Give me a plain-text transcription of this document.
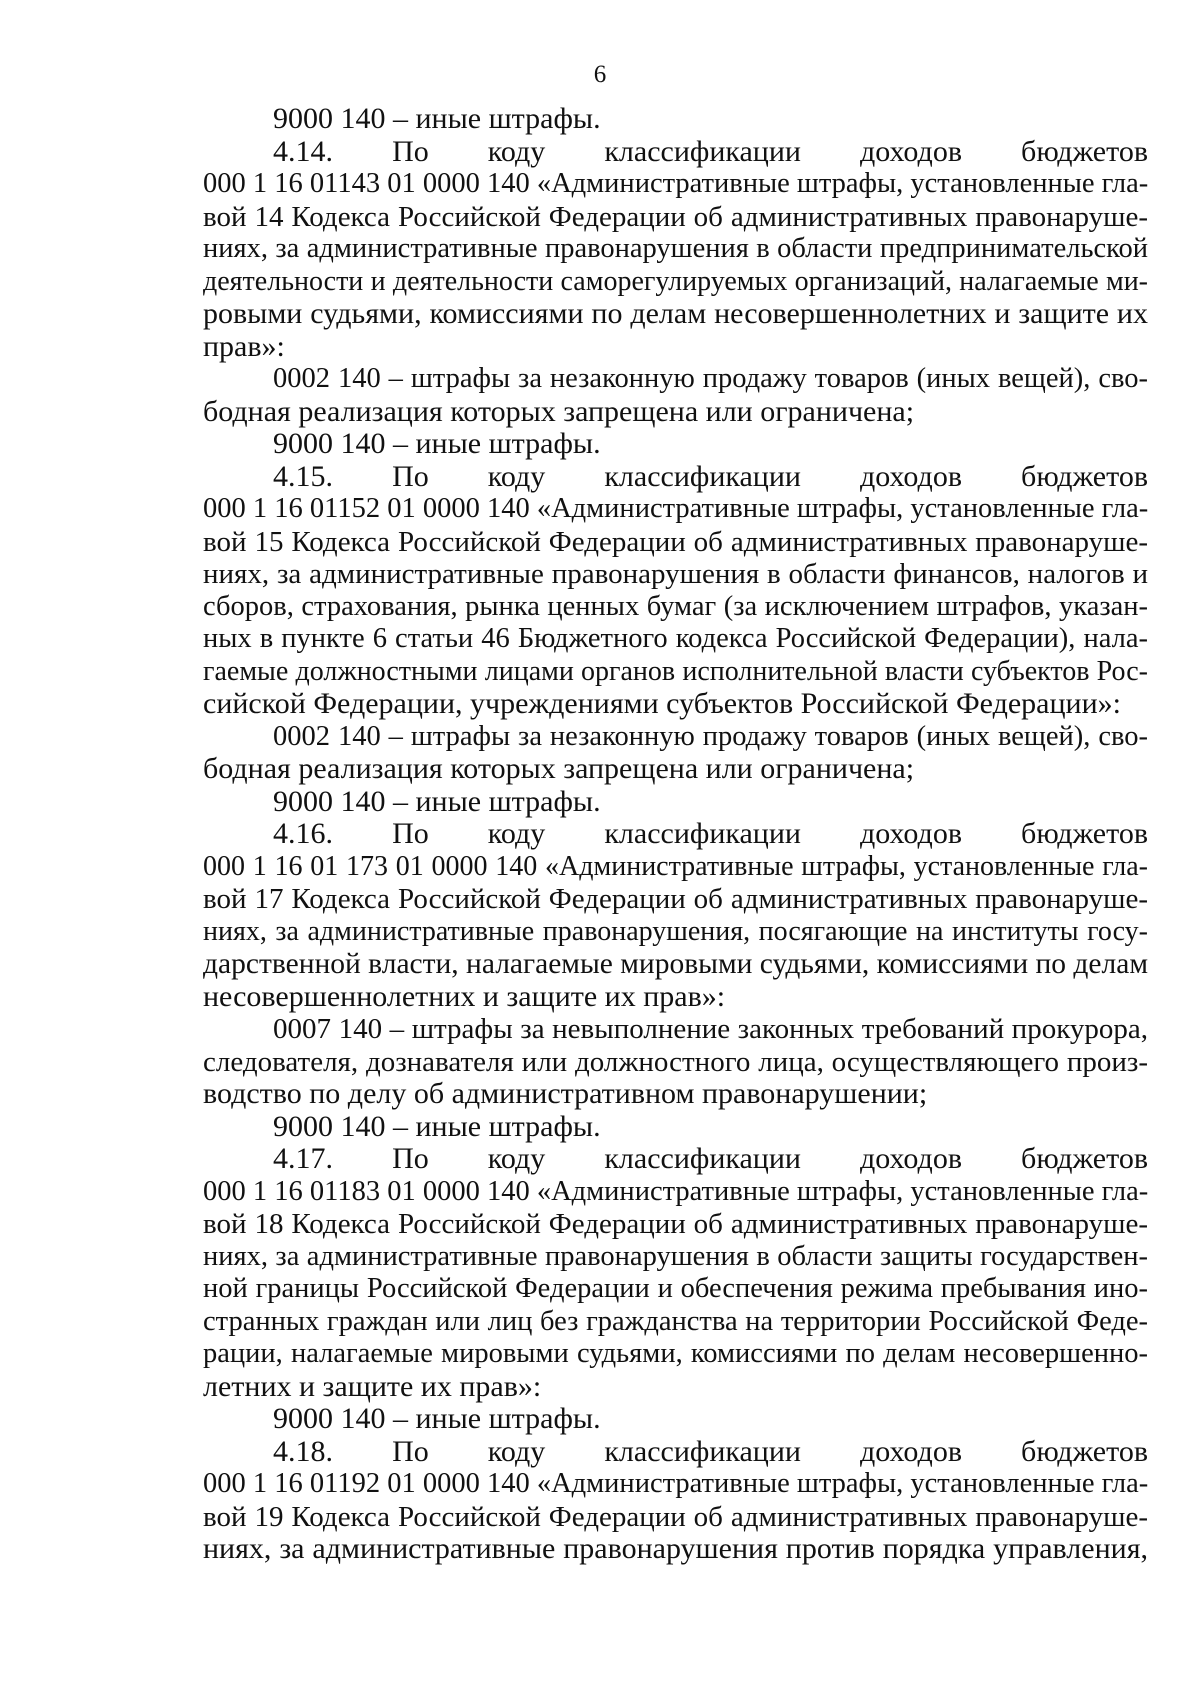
6
9000 140 – иные штрафы.
4.14. По коду классификации доходов бюджетов
000 1 16 01143 01 0000 140 «Административные штрафы, установленные гла-
вой 14 Кодекса Российской Федерации об административных правонаруше-
ниях, за административные правонарушения в области предпринимательской
деятельности и деятельности саморегулируемых организаций, налагаемые ми-
ровыми судьями, комиссиями по делам несовершеннолетних и защите их
прав»:
0002 140 – штрафы за незаконную продажу товаров (иных вещей), сво-
бодная реализация которых запрещена или ограничена;
9000 140 – иные штрафы.
4.15. По коду классификации доходов бюджетов
000 1 16 01152 01 0000 140 «Административные штрафы, установленные гла-
вой 15 Кодекса Российской Федерации об административных правонаруше-
ниях, за административные правонарушения в области финансов, налогов и
сборов, страхования, рынка ценных бумаг (за исключением штрафов, указан-
ных в пункте 6 статьи 46 Бюджетного кодекса Российской Федерации), нала-
гаемые должностными лицами органов исполнительной власти субъектов Рос-
сийской Федерации, учреждениями субъектов Российской Федерации»:
0002 140 – штрафы за незаконную продажу товаров (иных вещей), сво-
бодная реализация которых запрещена или ограничена;
9000 140 – иные штрафы.
4.16. По коду классификации доходов бюджетов
000 1 16 01 173 01 0000 140 «Административные штрафы, установленные гла-
вой 17 Кодекса Российской Федерации об административных правонаруше-
ниях, за административные правонарушения, посягающие на институты госу-
дарственной власти, налагаемые мировыми судьями, комиссиями по делам
несовершеннолетних и защите их прав»:
0007 140 – штрафы за невыполнение законных требований прокурора,
следователя, дознавателя или должностного лица, осуществляющего произ-
водство по делу об административном правонарушении;
9000 140 – иные штрафы.
4.17. По коду классификации доходов бюджетов
000 1 16 01183 01 0000 140 «Административные штрафы, установленные гла-
вой 18 Кодекса Российской Федерации об административных правонаруше-
ниях, за административные правонарушения в области защиты государствен-
ной границы Российской Федерации и обеспечения режима пребывания ино-
странных граждан или лиц без гражданства на территории Российской Феде-
рации, налагаемые мировыми судьями, комиссиями по делам несовершенно-
летних и защите их прав»:
9000 140 – иные штрафы.
4.18. По коду классификации доходов бюджетов
000 1 16 01192 01 0000 140 «Административные штрафы, установленные гла-
вой 19 Кодекса Российской Федерации об административных правонаруше-
ниях, за административные правонарушения против порядка управления,
